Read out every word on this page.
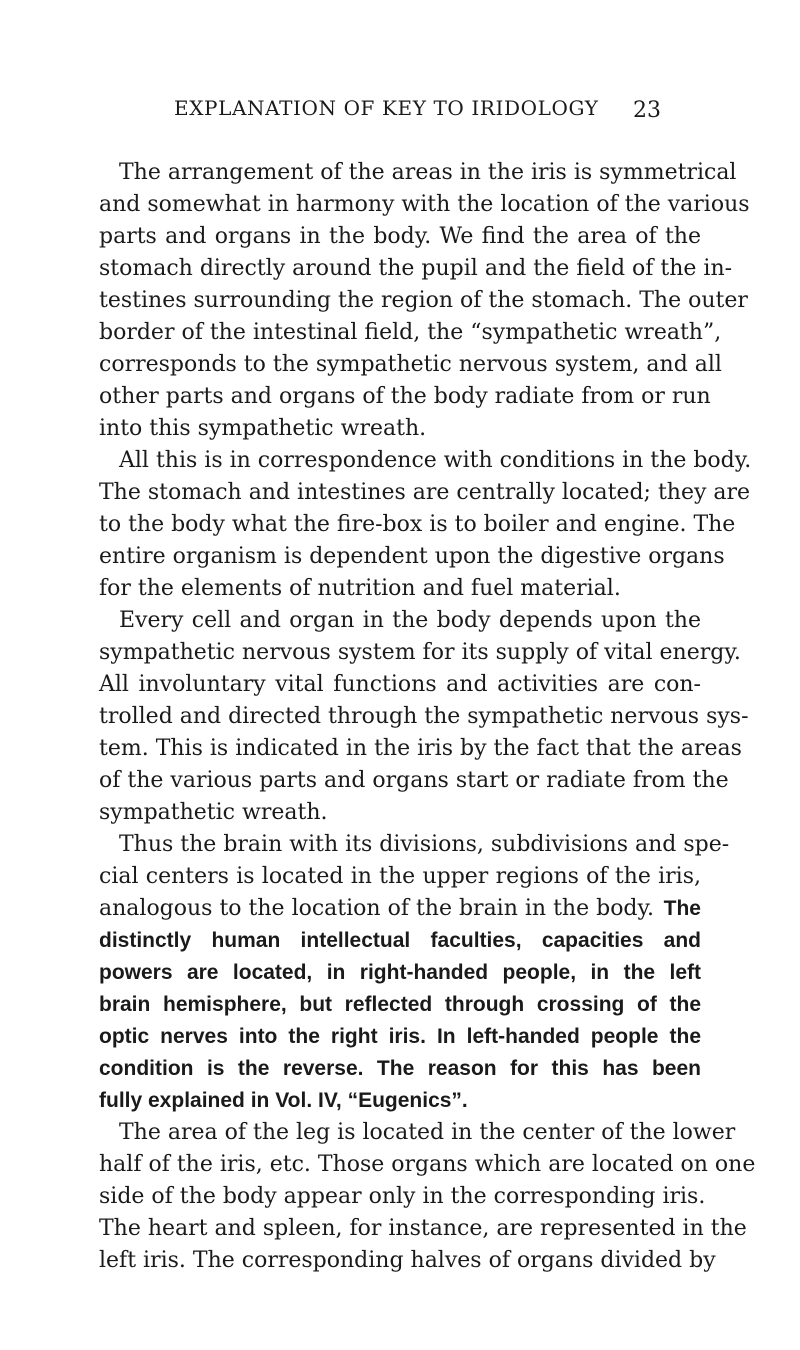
EXPLANATION OF KEY TO IRIDOLOGY 23
The arrangement of the areas in the iris is symmetrical
and somewhat in harmony with the location of the various
parts and organs in the body. We find the area of the
stomach directly around the pupil and the field of the in-
testines surrounding the region of the stomach. The outer
border of the intestinal field, the “sympathetic wreath”,
corresponds to the sympathetic nervous system, and all
other parts and organs of the body radiate from or run
into this sympathetic wreath.
All this is in correspondence with conditions in the body.
The stomach and intestines are centrally located; they are
to the body what the fire-box is to boiler and engine. The
entire organism is dependent upon the digestive organs
for the elements of nutrition and fuel material.
Every cell and organ in the body depends upon the
sympathetic nervous system for its supply of vital energy.
All involuntary vital functions and activities are con-
trolled and directed through the sympathetic nervous sys-
tem. This is indicated in the iris by the fact that the areas
of the various parts and organs start or radiate from the
sympathetic wreath.
Thus the brain with its divisions, subdivisions and spe-
cial centers is located in the upper regions of the iris,
analogous to the location of the brain in the body. The
distinctly human intellectual faculties, capacities and
powers are located, in right-handed people, in the left
brain hemisphere, but reflected through crossing of the
optic nerves into the right iris. In left-handed people the
condition is the reverse. The reason for this has been
fully explained in Vol. IV, “Eugenics”.
The area of the leg is located in the center of the lower
half of the iris, etc. Those organs which are located on one
side of the body appear only in the corresponding iris.
The heart and spleen, for instance, are represented in the
left iris. The corresponding halves of organs divided by
